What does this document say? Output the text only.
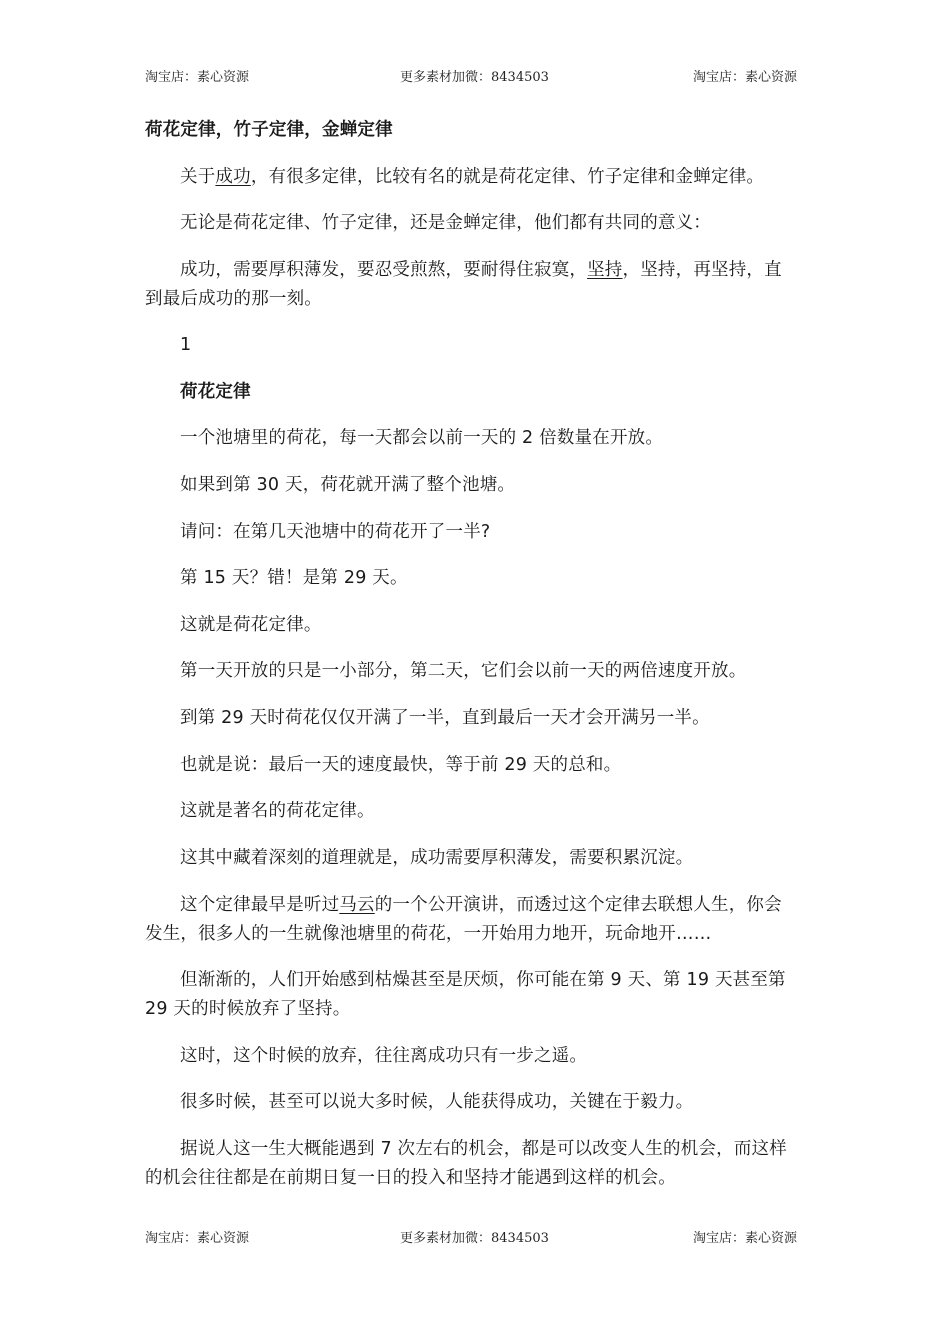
淘宝店：素心资源	更多素材加微：8434503	淘宝店：素心资源
荷花定律，竹子定律，金蝉定律
关于成功，有很多定律，比较有名的就是荷花定律、竹子定律和金蝉定律。
无论是荷花定律、竹子定律，还是金蝉定律，他们都有共同的意义：
成功，需要厚积薄发，要忍受煎熬，要耐得住寂寞，坚持，坚持，再坚持，直
到最后成功的那一刻。
1
荷花定律
一个池塘里的荷花，每一天都会以前一天的 2 倍数量在开放。
如果到第 30 天，荷花就开满了整个池塘。
请问：在第几天池塘中的荷花开了一半?
第 15 天？错！是第 29 天。
这就是荷花定律。
第一天开放的只是一小部分，第二天，它们会以前一天的两倍速度开放。
到第 29 天时荷花仅仅开满了一半，直到最后一天才会开满另一半。
也就是说：最后一天的速度最快，等于前 29 天的总和。
这就是著名的荷花定律。
这其中藏着深刻的道理就是，成功需要厚积薄发，需要积累沉淀。
这个定律最早是听过马云的一个公开演讲，而透过这个定律去联想人生，你会
发生，很多人的一生就像池塘里的荷花，一开始用力地开，玩命地开……
但渐渐的，人们开始感到枯燥甚至是厌烦，你可能在第 9 天、第 19 天甚至第
29 天的时候放弃了坚持。
这时，这个时候的放弃，往往离成功只有一步之遥。
很多时候，甚至可以说大多时候，人能获得成功，关键在于毅力。
据说人这一生大概能遇到 7 次左右的机会，都是可以改变人生的机会，而这样
的机会往往都是在前期日复一日的投入和坚持才能遇到这样的机会。
淘宝店：素心资源	更多素材加微：8434503	淘宝店：素心资源
